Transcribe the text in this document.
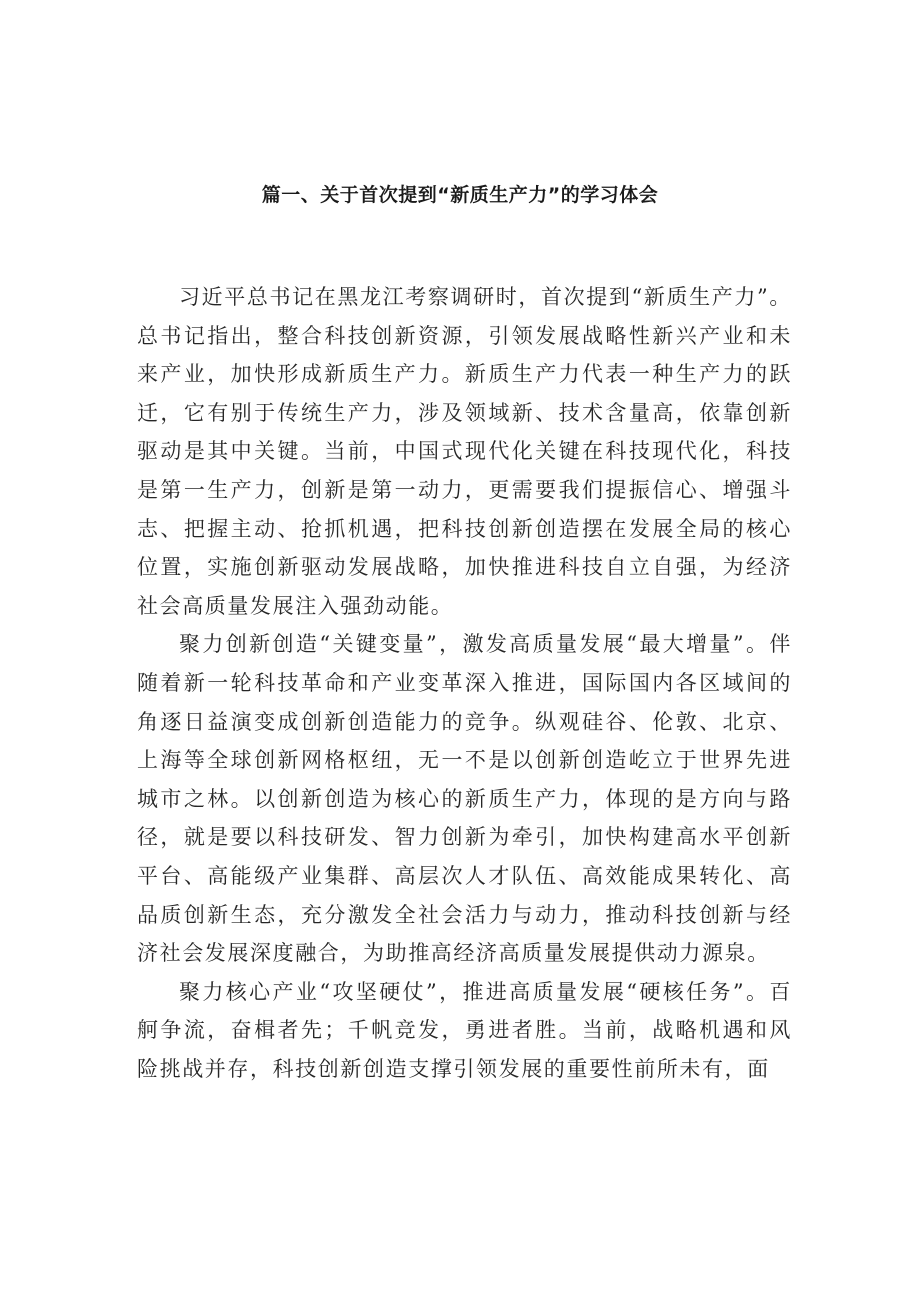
篇一、关于首次提到“新质生产力”的学习体会

习近平总书记在黑龙江考察调研时，首次提到“新质生产力”。总书记指出，整合科技创新资源，引领发展战略性新兴产业和未来产业，加快形成新质生产力。新质生产力代表一种生产力的跃迁，它有别于传统生产力，涉及领域新、技术含量高，依靠创新驱动是其中关键。当前，中国式现代化关键在科技现代化，科技是第一生产力，创新是第一动力，更需要我们提振信心、增强斗志、把握主动、抢抓机遇，把科技创新创造摆在发展全局的核心位置，实施创新驱动发展战略，加快推进科技自立自强，为经济社会高质量发展注入强劲动能。

聚力创新创造“关键变量”，激发高质量发展“最大增量”。伴随着新一轮科技革命和产业变革深入推进，国际国内各区域间的角逐日益演变成创新创造能力的竞争。纵观硅谷、伦敦、北京、上海等全球创新网格枢纽，无一不是以创新创造屹立于世界先进城市之林。以创新创造为核心的新质生产力，体现的是方向与路径，就是要以科技研发、智力创新为牵引，加快构建高水平创新平台、高能级产业集群、高层次人才队伍、高效能成果转化、高品质创新生态，充分激发全社会活力与动力，推动科技创新与经济社会发展深度融合，为助推高经济高质量发展提供动力源泉。

聚力核心产业“攻坚硬仗”，推进高质量发展“硬核任务”。百舸争流，奋楫者先；千帆竞发，勇进者胜。当前，战略机遇和风险挑战并存，科技创新创造支撑引领发展的重要性前所未有，面
